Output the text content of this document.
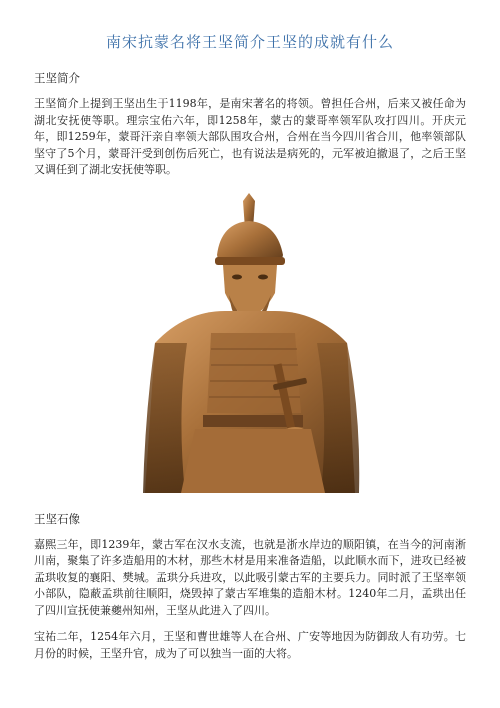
南宋抗蒙名将王坚简介王坚的成就有什么
王坚简介

王坚简介上提到王坚出生于1198年，是南宋著名的将领。曾担任合州，后来又被任命为湖北安抚使等职。理宗宝佑六年，即1258年，蒙古的蒙哥率领军队攻打四川。开庆元年，即1259年，蒙哥汗亲自率领大部队围攻合州，合州在当今四川省合川，他率领部队坚守了5个月，蒙哥汗受到创伤后死亡，也有说法是病死的，元军被迫撤退了，之后王坚又调任到了湖北安抚使等职。

王坚石像

嘉熙三年，即1239年，蒙古军在汉水支流，也就是浙水岸边的顺阳镇，在当今的河南淅川南，聚集了许多造船用的木材，那些木材是用来准备造船，以此顺水而下，进攻已经被孟珙收复的襄阳、樊城。孟珙分兵进攻，以此吸引蒙古军的主要兵力。同时派了王坚率领小部队，隐蔽孟珙前往顺阳，烧毁掉了蒙古军堆集的造船木材。1240年二月，孟珙出任了四川宣抚使兼夔州知州，王坚从此进入了四川。

宝祐二年，1254年六月，王坚和曹世雄等人在合州、广安等地因为防御敌人有功劳。七月份的时候，王坚升官，成为了可以独当一面的大将。
